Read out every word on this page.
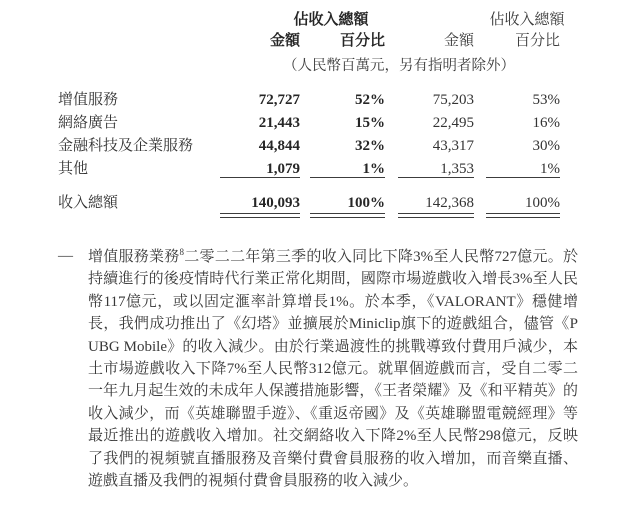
佔收入總額	佔收入總額
金額	百分比	金額	百分比
（人民幣百萬元，另有指明者除外）
增值服務	72,727	52%	75,203	53%
網絡廣告	21,443	15%	22,495	16%
金融科技及企業服務	44,844	32%	43,317	30%
其他	1,079	1%	1,353	1%
收入總額	140,093	100%	142,368	100%
— 增值服務業務$^8$二零二二年第三季的收入同比下降3%至人民幣727億元。於持續進行的後疫情時代行業正常化期間，國際市場遊戲收入增長3%至人民幣117億元，或以固定滙率計算增長1%。於本季，《VALORANT》穩健增長，我們成功推出了《幻塔》並擴展於Miniclip旗下的遊戲組合，儘管《PUBG Mobile》的收入減少。由於行業過渡性的挑戰導致付費用戶減少，本土市場遊戲收入下降7%至人民幣312億元。就單個遊戲而言，受自二零二一年九月起生效的未成年人保護措施影響，《王者榮耀》及《和平精英》的收入減少，而《英雄聯盟手遊》、《重返帝國》及《英雄聯盟電競經理》等最近推出的遊戲收入增加。社交網絡收入下降2%至人民幣298億元，反映了我們的視頻號直播服務及音樂付費會員服務的收入增加，而音樂直播、遊戲直播及我們的視頻付費會員服務的收入減少。
